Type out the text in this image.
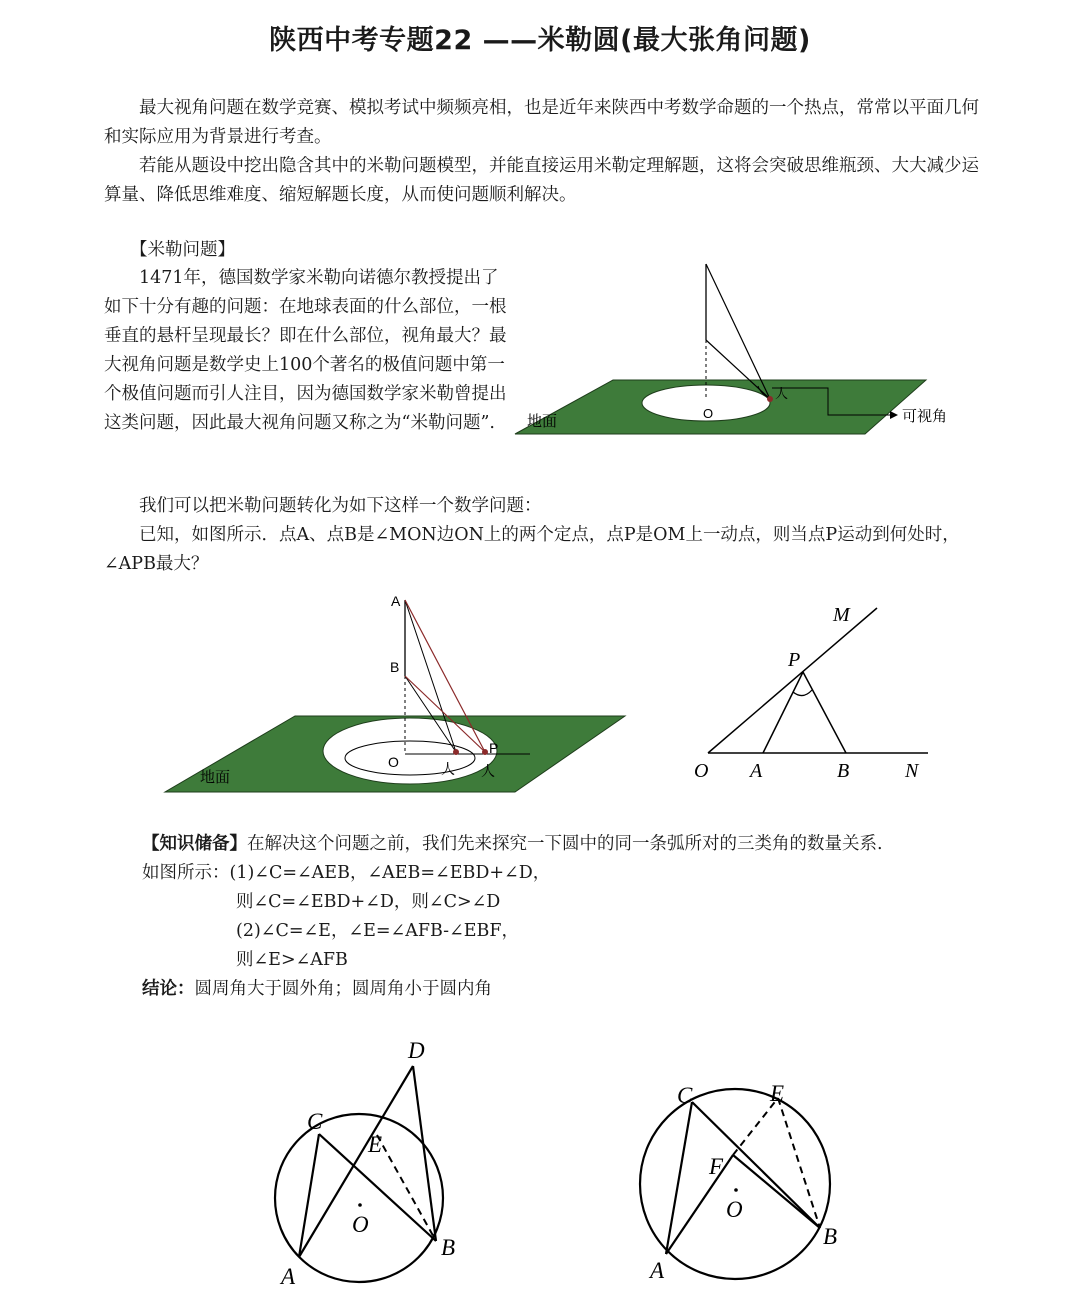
陕西中考专题22 ——米勒圆(最大张角问题)
最大视角问题在数学竞赛、模拟考试中频频亮相，也是近年来陕西中考数学命题的一个热点，常常以平面几何和实际应用为背景进行考查。
若能从题设中挖出隐含其中的米勒问题模型，并能直接运用米勒定理解题，这将会突破思维瓶颈、大大减少运算量、降低思维难度、缩短解题长度，从而使问题顺利解决。
【米勒问题】
1471年，德国数学家米勒向诺德尔教授提出了如下十分有趣的问题：在地球表面的什么部位，一根垂直的悬杆呈现最长？即在什么部位，视角最大？最大视角问题是数学史上100个著名的极值问题中第一个极值问题而引人注目，因为德国数学家米勒曾提出这类问题，因此最大视角问题又称之为“米勒问题”.	地面	O
人
可视角
我们可以把米勒问题转化为如下这样一个数学问题：
已知，如图所示．点A、点B是∠MON边ON上的两个定点，点P是OM上一动点，则当点P运动到何处时，
∠APB最大？
A
B
O
P
人 人
地面
M
P
O A	B	N
【知识储备】在解决这个问题之前，我们先来探究一下圆中的同一条弧所对的三类角的数量关系.
如图所示：(1)∠C=∠AEB，∠AEB=∠EBD+∠D，
则∠C=∠EBD+∠D，则∠C>∠D
(2)∠C=∠E，∠E=∠AFB-∠EBF，
则∠E>∠AFB
结论：圆周角大于圆外角；圆周角小于圆内角
D
C
E
O
B
A
C	E
F
O
B
A
